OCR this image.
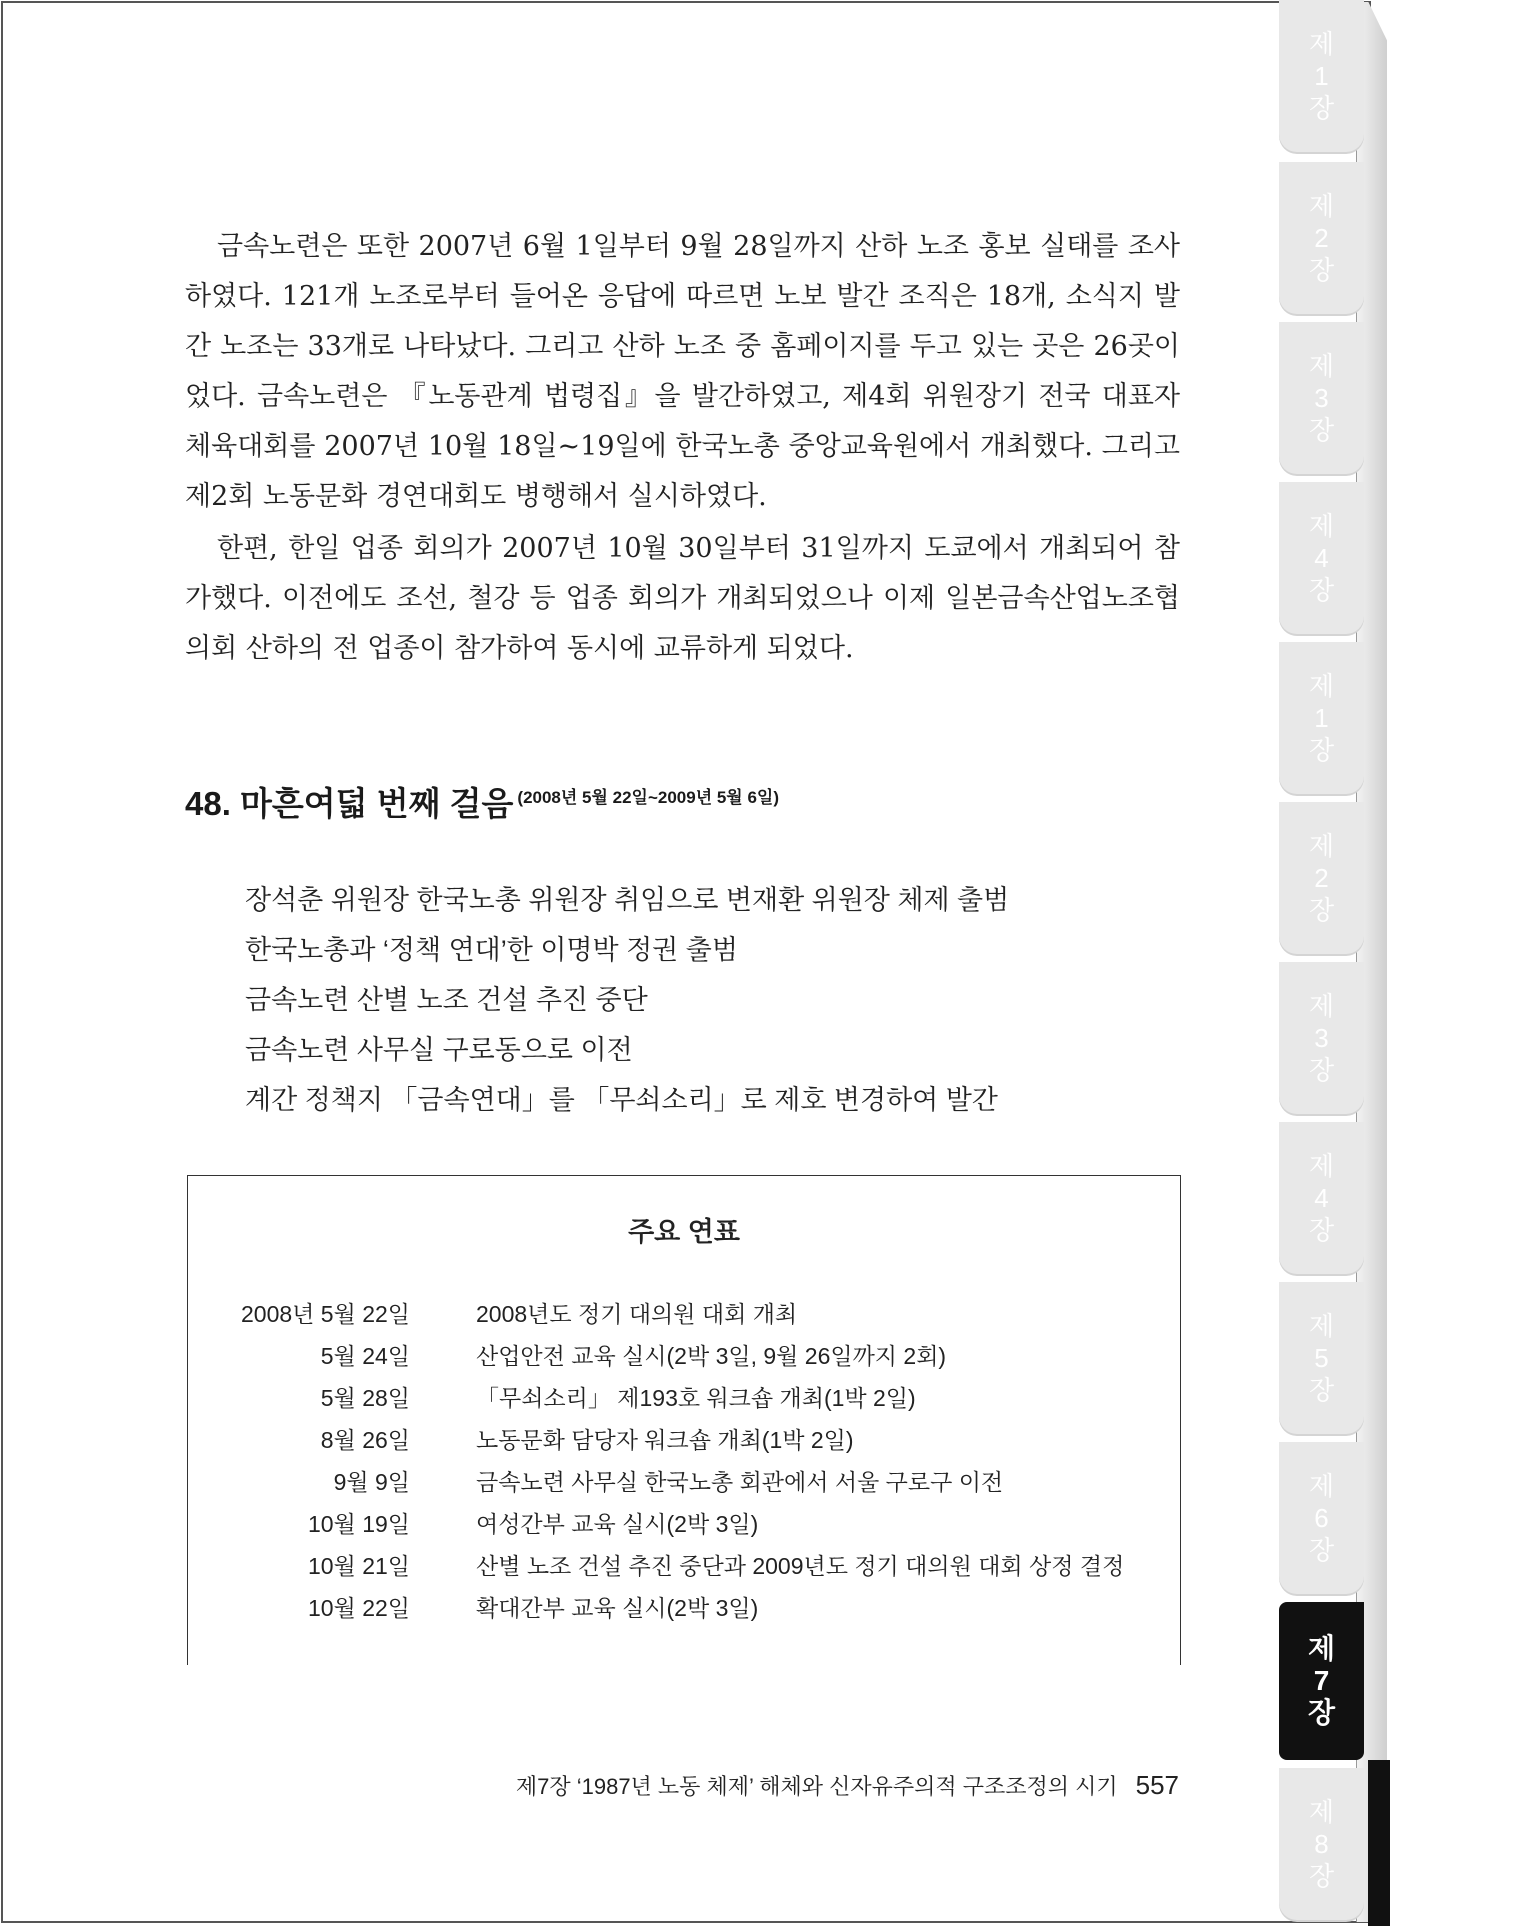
금속노련은 또한 2007년 6월 1일부터 9월 28일까지 산하 노조 홍보 실태를 조사하였다. 121개 노조로부터 들어온 응답에 따르면 노보 발간 조직은 18개, 소식지 발간 노조는 33개로 나타났다. 그리고 산하 노조 중 홈페이지를 두고 있는 곳은 26곳이었다. 금속노련은 『노동관계 법령집』을 발간하였고, 제4회 위원장기 전국 대표자 체육대회를 2007년 10월 18일~19일에 한국노총 중앙교육원에서 개최했다. 그리고 제2회 노동문화 경연대회도 병행해서 실시하였다.

한편, 한일 업종 회의가 2007년 10월 30일부터 31일까지 도쿄에서 개최되어 참가했다. 이전에도 조선, 철강 등 업종 회의가 개최되었으나 이제 일본금속산업노조협의회 산하의 전 업종이 참가하여 동시에 교류하게 되었다.

48. 마흔여덟 번째 걸음 $^{(2008년 5월 22일\sim 2009년 5월 6일)}$
장석춘 위원장 한국노총 위원장 취임으로 변재환 위원장 체제 출범
한국노총과 ‘정책 연대’한 이명박 정권 출범
금속노련 산별 노조 건설 추진 중단
금속노련 사무실 구로동으로 이전
계간 정책지 「금속연대」를 「무쇠소리」로 제호 변경하여 발간
주요 연표
2008년 5월 22일	2008년도 정기 대의원 대회 개최
5월 24일	산업안전 교육 실시(2박 3일, 9월 26일까지 2회)
5월 28일	「무쇠소리」 제193호 워크숍 개최(1박 2일)
8월 26일	노동문화 담당자 워크숍 개최(1박 2일)
9월 9일	금속노련 사무실 한국노총 회관에서 서울 구로구 이전
10월 19일	여성간부 교육 실시(2박 3일)
10월 21일	산별 노조 건설 추진 중단과 2009년도 정기 대의원 대회 상정 결정
10월 22일	확대간부 교육 실시(2박 3일)
제7장 ‘1987년 노동 체제’ 해체와 신자유주의적 구조조정의 시기 557
제
1
장
제
2
장
제
3
장
제
4
장
제
1
장
제
2
장
제
3
장
제
4
장
제
5
장
제
6
장
제
7
장
제
8
장
